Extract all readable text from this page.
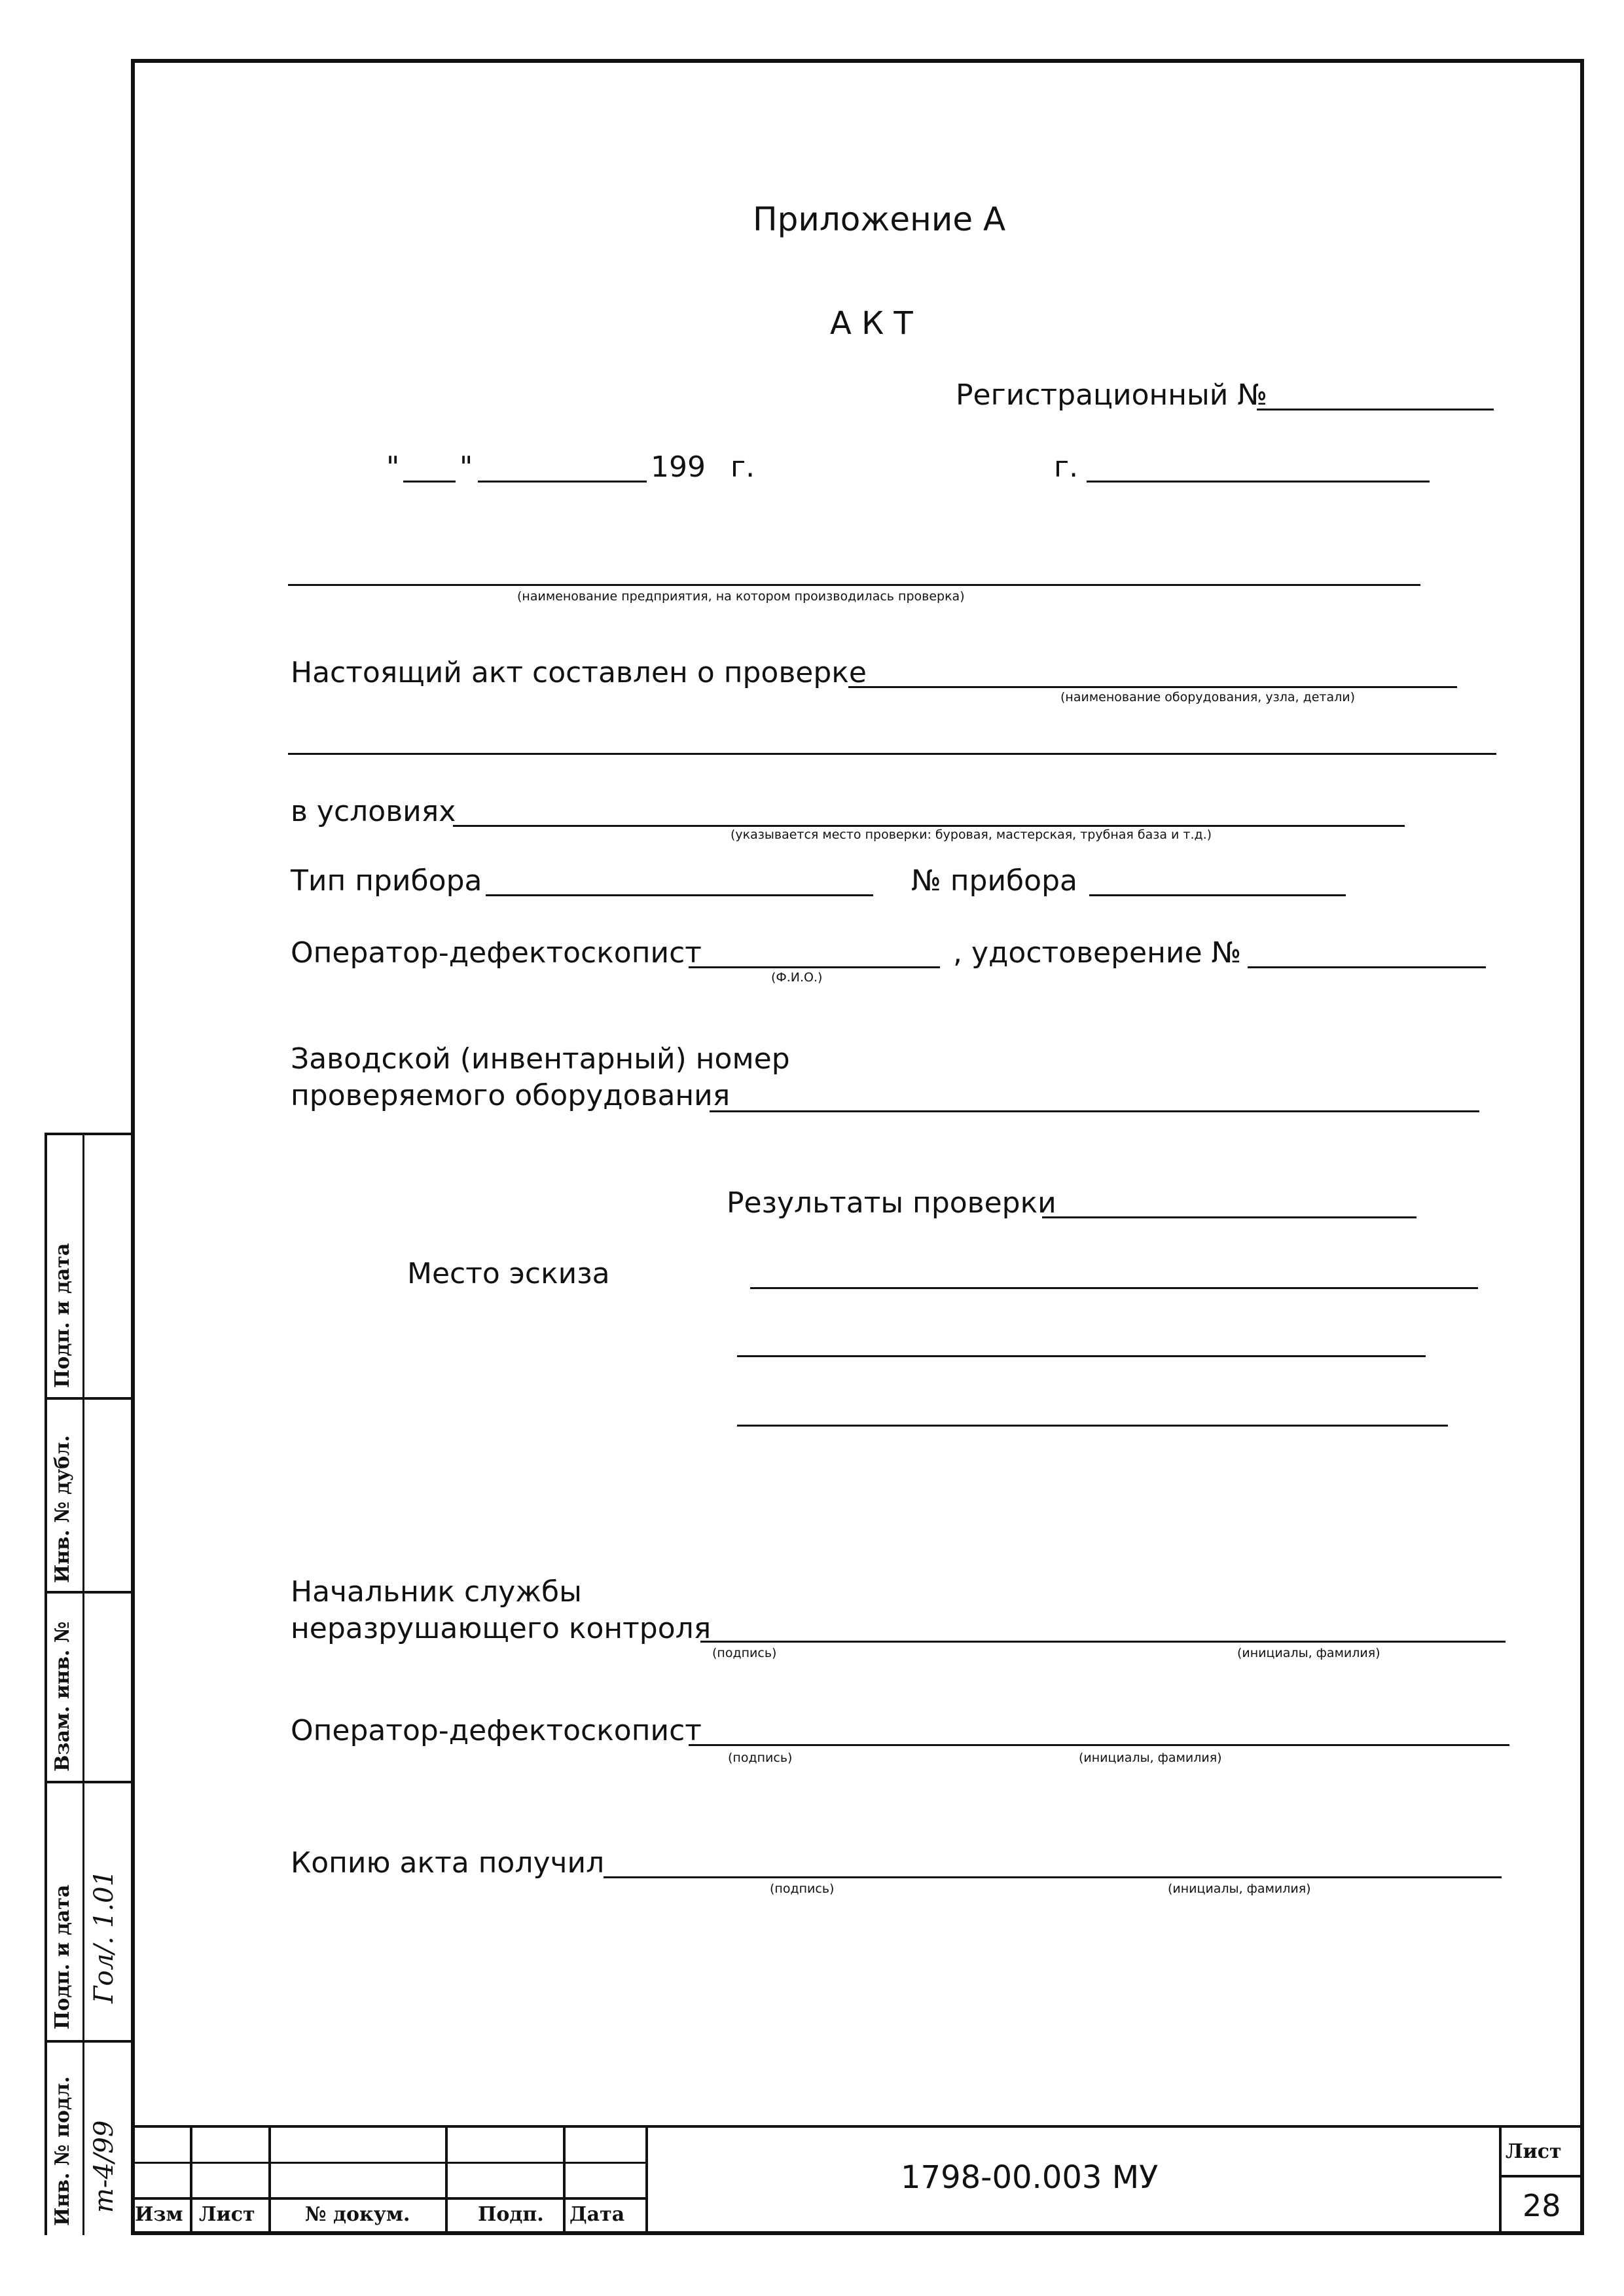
Приложение А
А К Т
Регистрационный №
" "	199 г.	г.
(наименование предприятия, на котором производилась проверка)
Настоящий акт составлен о проверке
(наименование оборудования, узла, детали)
в условиях
(указывается место проверки: буровая, мастерская, трубная база и т.д.)
Тип прибора	№ прибора
Оператор-дефектоскопист
(Ф.И.О.)
, удостоверение №
Заводской (инвентарный) номер
проверяемого оборудования
Результаты проверки
Место эскиза
Начальник службы
неразрушающего контроля
(подпись)	(инициалы, фамилия)
Оператор-дефектоскопист
(подпись)	(инициалы, фамилия)
Копию акта получил
(подпись)	(инициалы, фамилия)
Изм Лист	№ докум.	Подп. Дата
1798-00.003 МУ
Лист
28
Инв. № подл.
Подп. и дата
Взам. инв. №
Инв. № дубл.
Подп. и дата
т-4/99
Гол/. 1.01
